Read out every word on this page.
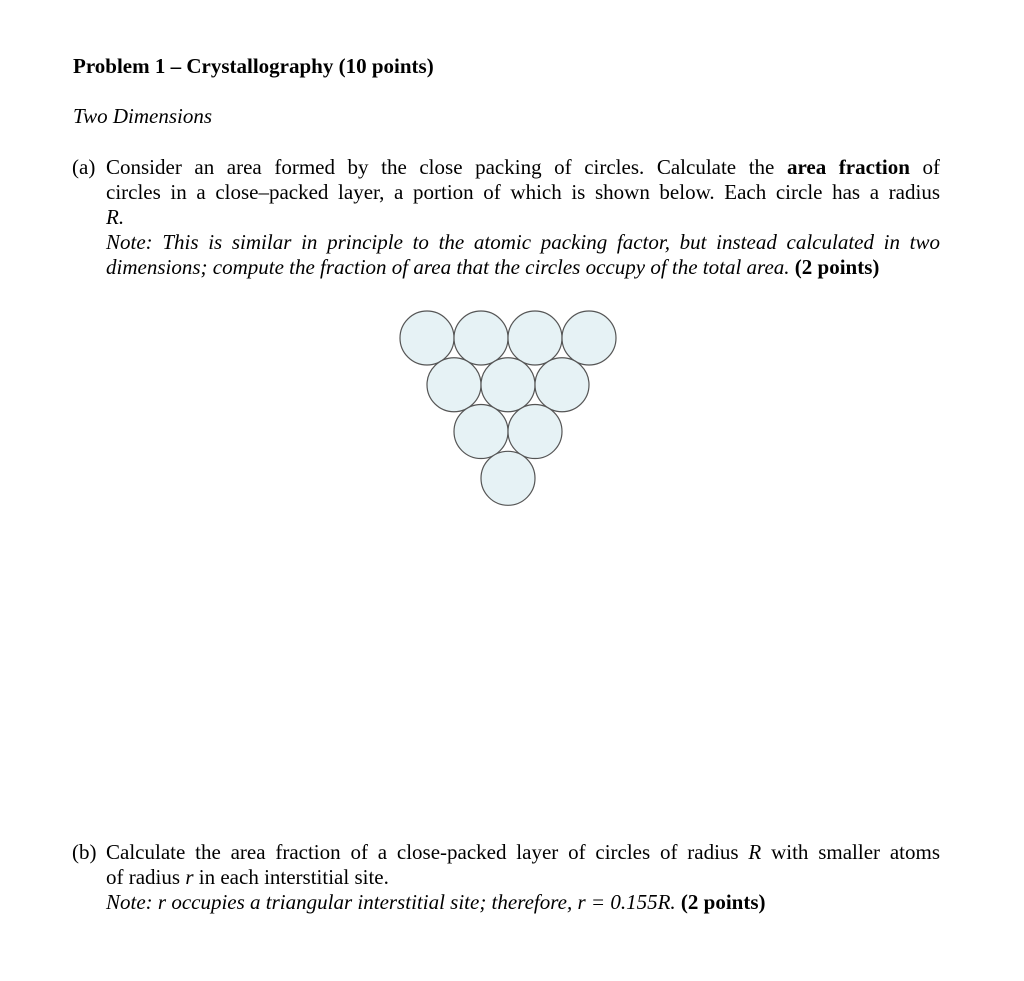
Problem 1 – Crystallography (10 points)
Two Dimensions
(a) Consider an area formed by the close packing of circles. Calculate the area fraction of
circles in a close–packed layer, a portion of which is shown below. Each circle has a radius
R.
Note: This is similar in principle to the atomic packing factor, but instead calculated in two
dimensions; compute the fraction of area that the circles occupy of the total area. (2 points)
(b) Calculate the area fraction of a close-packed layer of circles of radius R with smaller atoms
of radius r in each interstitial site.
Note: r occupies a triangular interstitial site; therefore, r = 0.155R. (2 points)
